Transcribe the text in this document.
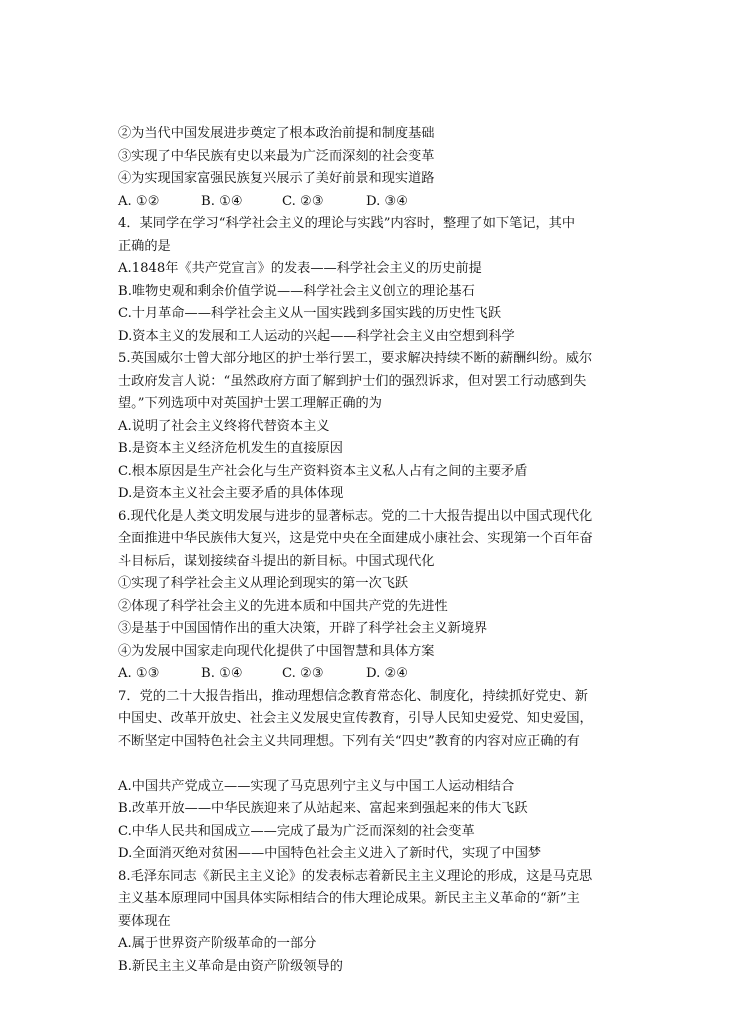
②为当代中国发展进步奠定了根本政治前提和制度基础
③实现了中华民族有史以来最为广泛而深刻的社会变革
④为实现国家富强民族复兴展示了美好前景和现实道路
A. ①②	B. ①④	C. ②③	D. ③④
4．某同学在学习“科学社会主义的理论与实践”内容时，整理了如下笔记，其中
正确的是
A.1848年《共产党宣言》的发表——科学社会主义的历史前提
B.唯物史观和剩余价值学说——科学社会主义创立的理论基石
C.十月革命——科学社会主义从一国实践到多国实践的历史性飞跃
D.资本主义的发展和工人运动的兴起——科学社会主义由空想到科学
5.英国威尔士曾大部分地区的护士举行罢工，要求解决持续不断的薪酬纠纷。威尔
士政府发言人说：“虽然政府方面了解到护士们的强烈诉求，但对罢工行动感到失
望。”下列选项中对英国护士罢工理解正确的为
A.说明了社会主义终将代替资本主义
B.是资本主义经济危机发生的直接原因
C.根本原因是生产社会化与生产资料资本主义私人占有之间的主要矛盾
D.是资本主义社会主要矛盾的具体体现
6.现代化是人类文明发展与进步的显著标志。党的二十大报告提出以中国式现代化
全面推进中华民族伟大复兴，这是党中央在全面建成小康社会、实现第一个百年奋
斗目标后，谋划接续奋斗提出的新目标。中国式现代化
①实现了科学社会主义从理论到现实的第一次飞跃
②体现了科学社会主义的先进本质和中国共产党的先进性
③是基于中国国情作出的重大决策，开辟了科学社会主义新境界
④为发展中国家走向现代化提供了中国智慧和具体方案
A. ①③	B. ①④	C. ②③	D. ②④
7．党的二十大报告指出，推动理想信念教育常态化、制度化，持续抓好党史、新
中国史、改革开放史、社会主义发展史宣传教育，引导人民知史爱党、知史爱国，
不断坚定中国特色社会主义共同理想。下列有关“四史”教育的内容对应正确的有
A.中国共产党成立——实现了马克思列宁主义与中国工人运动相结合
B.改革开放——中华民族迎来了从站起来、富起来到强起来的伟大飞跃
C.中华人民共和国成立——完成了最为广泛而深刻的社会变革
D.全面消灭绝对贫困——中国特色社会主义进入了新时代，实现了中国梦
8.毛泽东同志《新民主主义论》的发表标志着新民主主义理论的形成，这是马克思
主义基本原理同中国具体实际相结合的伟大理论成果。新民主主义革命的“新”主
要体现在
A.属于世界资产阶级革命的一部分
B.新民主主义革命是由资产阶级领导的
